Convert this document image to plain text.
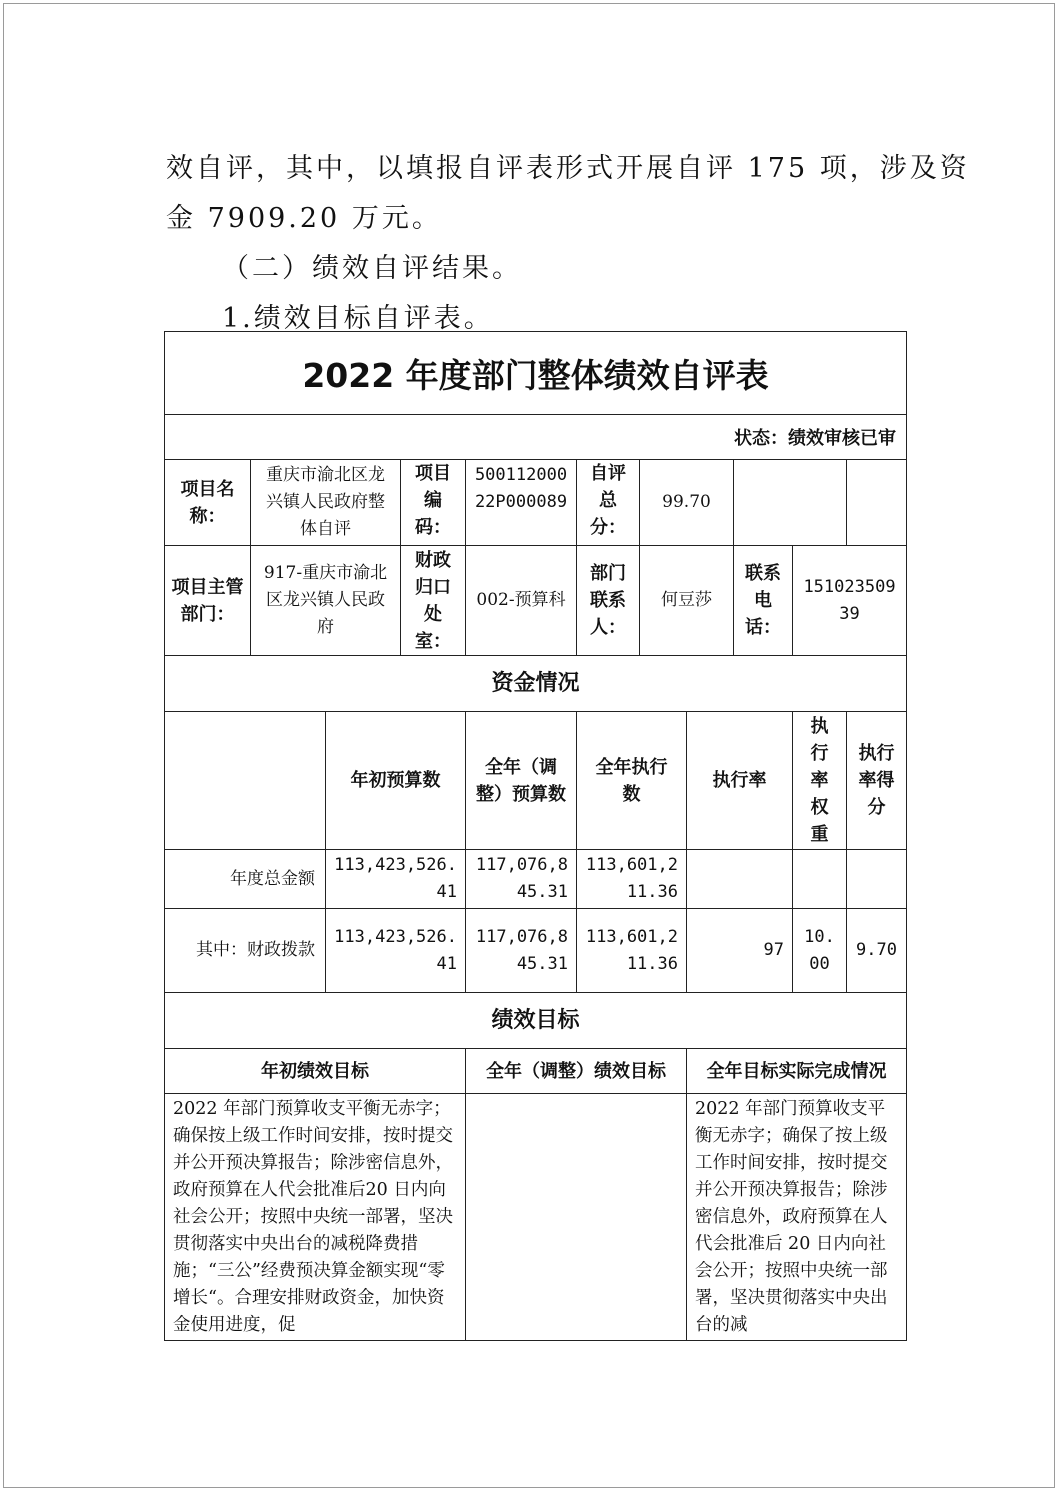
效自评，其中，以填报自评表形式开展自评 175 项，涉及资
金 7909.20 万元。
（二）绩效自评结果。
1.绩效目标自评表。
2022 年度部门整体绩效自评表										
状态：绩效审核已审										
项目名称：	重庆市渝北区龙兴镇人民政府整体自评		项目编码：	50011200022P000089	自评总分：	99.70				
项目主管部门：	917-重庆市渝北区龙兴镇人民政府		财政归口处室：	002-预算科	部门联系人：	何豆莎		联系电话：	15102350939	
资金情况										
		年初预算数		全年（调整）预算数	全年执行数		执行率		执行率权重	执行率得分
年度总金额		113,423,526.41		117,076,845.31	113,601,211.36					
其中：财政拨款		113,423,526.41		117,076,845.31	113,601,211.36		97		10.00	9.70
绩效目标										
年初绩效目标				全年（调整）绩效目标			全年目标实际完成情况			
2022 年部门预算收支平衡无赤字；确保按上级工作时间安排，按时提交并公开预决算报告；除涉密信息外，政府预算在人代会批准后20 日内向社会公开；按照中央统一部署，坚决贯彻落实中央出台的减税降费措施；“三公”经费预决算金额实现“零增长“。合理安排财政资金，加快资金使用进度，促							2022 年部门预算收支平衡无赤字；确保了按上级工作时间安排，按时提交并公开预决算报告；除涉密信息外，政府预算在人代会批准后 20 日内向社会公开；按照中央统一部署，坚决贯彻落实中央出台的减			
